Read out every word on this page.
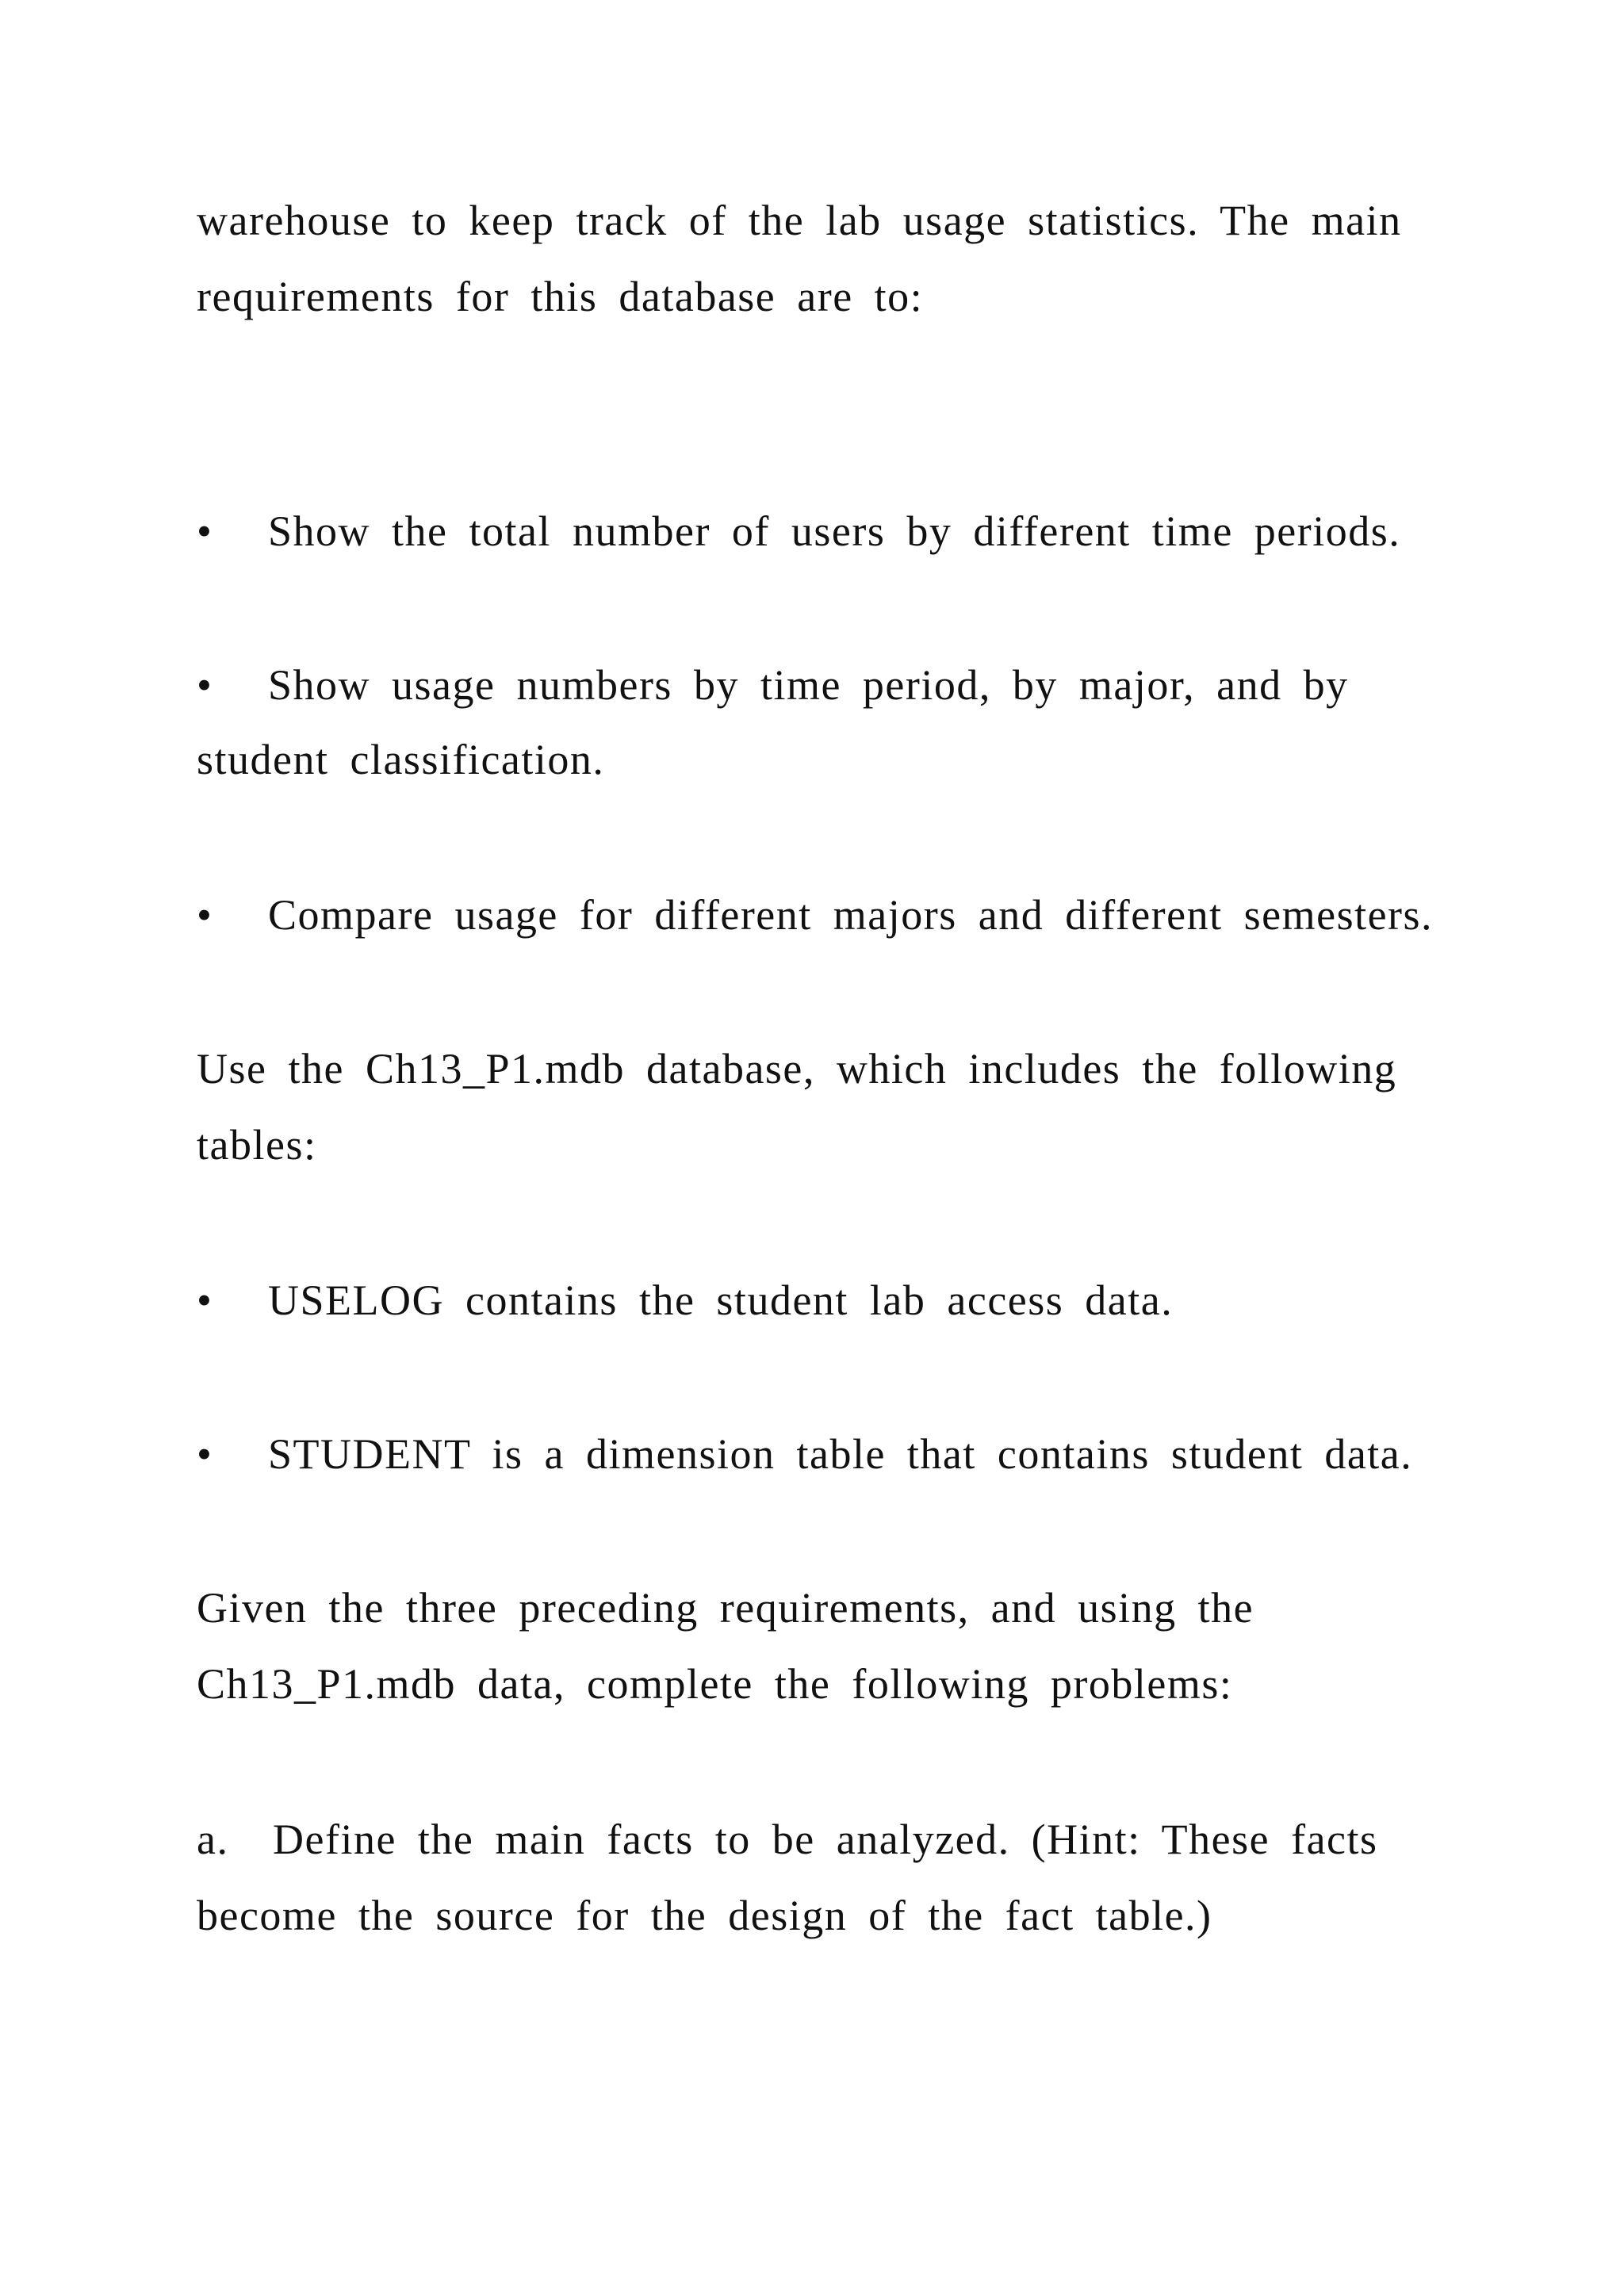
warehouse to keep track of the lab usage statistics. The main
requirements for this database are to:
• Show the total number of users by different time periods.
• Show usage numbers by time period, by major, and by
student classification.
• Compare usage for different majors and different semesters.
Use the Ch13_P1.mdb database, which includes the following
tables:
• USELOG contains the student lab access data.
• STUDENT is a dimension table that contains student data.
Given the three preceding requirements, and using the
Ch13_P1.mdb data, complete the following problems:
a. Define the main facts to be analyzed. (Hint: These facts
become the source for the design of the fact table.)
